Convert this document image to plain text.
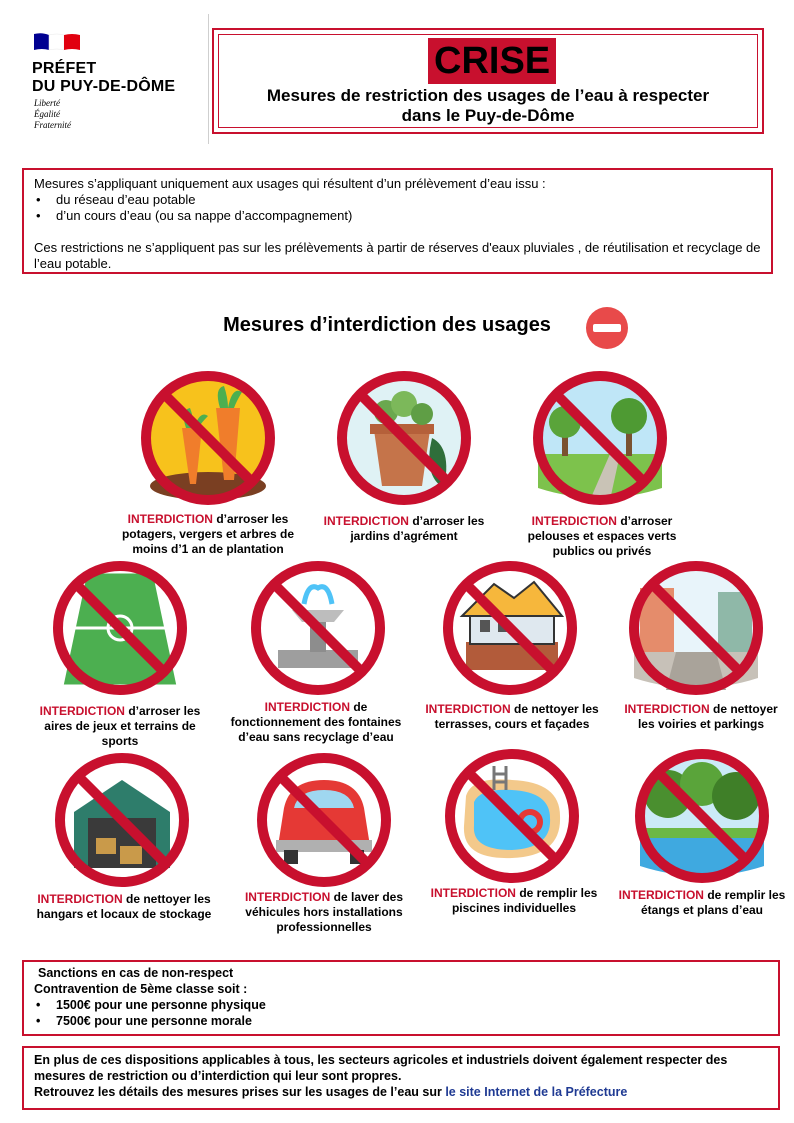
PRÉFET
DU PUY-DE-DÔME
Liberté
Égalité
Fraternité
CRISE
Mesures de restriction des usages de l’eau à respecter
dans le Puy-de-Dôme
Mesures s’appliquant uniquement aux usages qui résultent d’un prélèvement d’eau issu :
• du réseau d’eau potable
• d’un cours d’eau (ou sa nappe d’accompagnement)
Ces restrictions ne s’appliquent pas sur les prélèvements à partir de réserves d'eaux pluviales , de réutilisation et recyclage de l’eau potable.
Mesures d’interdiction des usages
INTERDICTION d’arroser les potagers, vergers et arbres de moins d’1 an de plantation
INTERDICTION d’arroser les jardins d’agrément
INTERDICTION d’arroser pelouses et espaces verts publics ou privés
INTERDICTION d’arroser les aires de jeux et terrains de sports
INTERDICTION de fonctionnement des fontaines d’eau sans recyclage d’eau
INTERDICTION de nettoyer les terrasses, cours et façades
INTERDICTION de nettoyer les voiries et parkings
INTERDICTION de nettoyer les hangars et locaux de stockage
INTERDICTION de laver des véhicules hors installations professionnelles
INTERDICTION de remplir les piscines individuelles
INTERDICTION de remplir les étangs et plans d’eau
Sanctions en cas de non-respect
Contravention de 5ème classe soit :
• 1500€ pour une personne physique
• 7500€ pour une personne morale
En plus de ces dispositions applicables à tous, les secteurs agricoles et industriels doivent également respecter des mesures de restriction ou d’interdiction qui leur sont propres.
Retrouvez les détails des mesures prises sur les usages de l’eau sur le site Internet de la Préfecture
